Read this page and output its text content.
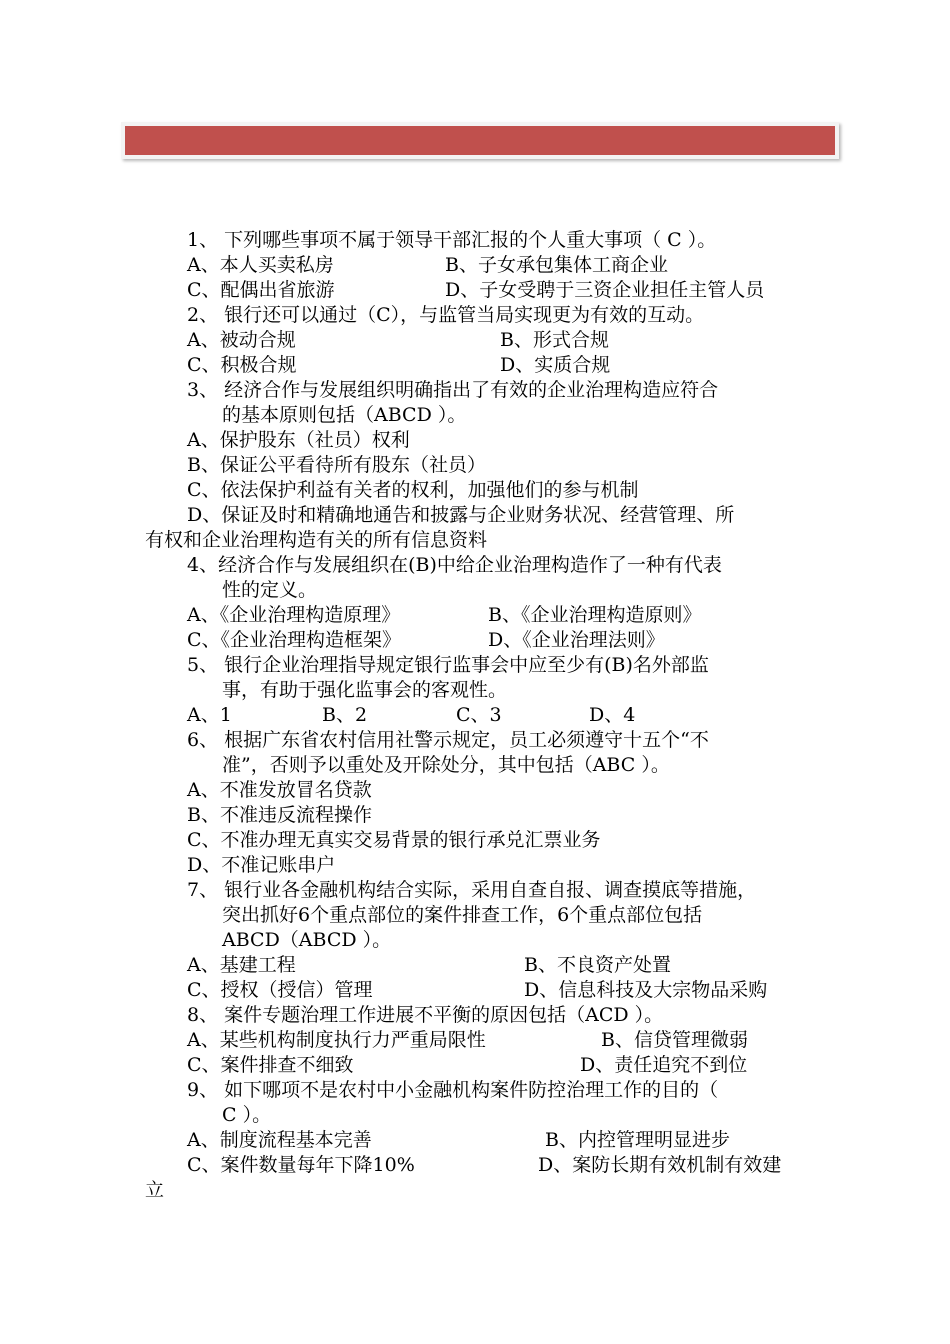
1、 下列哪些事项不属于领导干部汇报的个人重大事项（ C ）。
A、本人买卖私房	B、子女承包集体工商企业
C、配偶出省旅游	D、子女受聘于三资企业担任主管人员
2、 银行还可以通过（C），与监管当局实现更为有效的互动。
A、被动合规	B、形式合规
C、积极合规	D、实质合规
3、 经济合作与发展组织明确指出了有效的企业治理构造应符合
的基本原则包括（ABCD ）。
A、保护股东（社员）权利
B、保证公平看待所有股东（社员）
C、依法保护利益有关者的权利，加强他们的参与机制
D、保证及时和精确地通告和披露与企业财务状况、经营管理、所
有权和企业治理构造有关的所有信息资料
4、经济合作与发展组织在(B)中给企业治理构造作了一种有代表
性的定义。
A、《企业治理构造原理》	B、《企业治理构造原则》
C、《企业治理构造框架》	D、《企业治理法则》
5、 银行企业治理指导规定银行监事会中应至少有(B)名外部监
事，有助于强化监事会的客观性。
A、1	B、2	C、3	D、4
6、 根据广东省农村信用社警示规定，员工必须遵守十五个“不
准”，否则予以重处及开除处分，其中包括（ABC ）。
A、不准发放冒名贷款
B、不准违反流程操作
C、不准办理无真实交易背景的银行承兑汇票业务
D、不准记账串户
7、 银行业各金融机构结合实际，采用自查自报、调查摸底等措施，
突出抓好6个重点部位的案件排查工作，6个重点部位包括
ABCD（ABCD ）。
A、基建工程	B、不良资产处置
C、授权（授信）管理	D、信息科技及大宗物品采购
8、 案件专题治理工作进展不平衡的原因包括（ACD ）。
A、某些机构制度执行力严重局限性	B、信贷管理微弱
C、案件排查不细致	D、责任追究不到位
9、 如下哪项不是农村中小金融机构案件防控治理工作的目的（
C ）。
A、制度流程基本完善	B、内控管理明显进步
C、案件数量每年下降10%	D、案防长期有效机制有效建
立
